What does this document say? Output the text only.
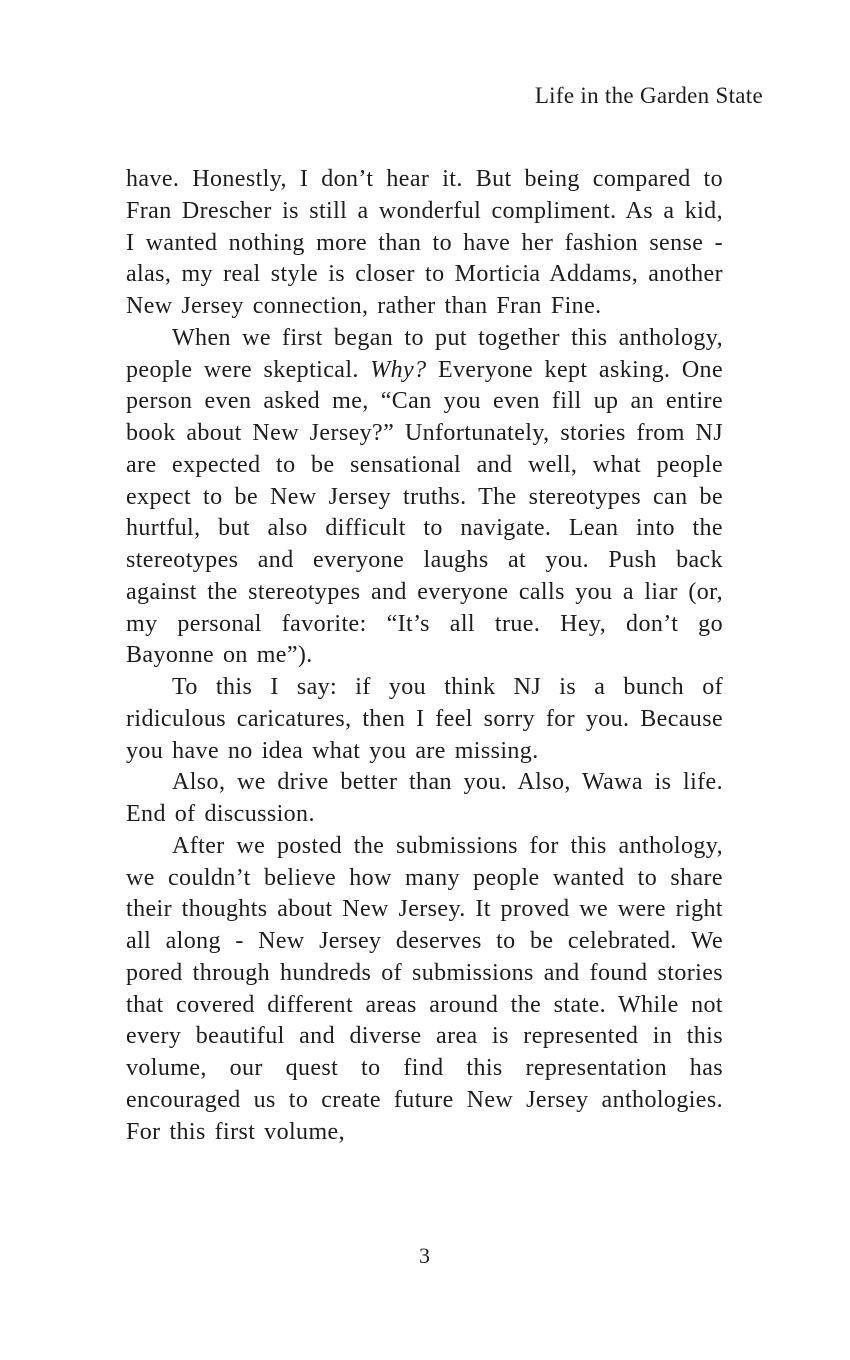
Life in the Garden State

have. Honestly, I don’t hear it. But being compared to Fran Drescher is still a wonderful compliment. As a kid, I wanted nothing more than to have her fashion sense - alas, my real style is closer to Morticia Addams, another New Jersey connection, rather than Fran Fine.

When we first began to put together this anthology, people were skeptical. Why? Everyone kept asking. One person even asked me, “Can you even fill up an entire book about New Jersey?” Unfortunately, stories from NJ are expected to be sensational and well, what people expect to be New Jersey truths. The stereotypes can be hurtful, but also difficult to navigate. Lean into the stereotypes and everyone laughs at you. Push back against the stereotypes and everyone calls you a liar (or, my personal favorite: “It’s all true. Hey, don’t go Bayonne on me”).

To this I say: if you think NJ is a bunch of ridiculous caricatures, then I feel sorry for you. Because you have no idea what you are missing.

Also, we drive better than you. Also, Wawa is life. End of discussion.

After we posted the submissions for this anthology, we couldn’t believe how many people wanted to share their thoughts about New Jersey. It proved we were right all along - New Jersey deserves to be celebrated. We pored through hundreds of submissions and found stories that covered different areas around the state. While not every beautiful and diverse area is represented in this volume, our quest to find this representation has encouraged us to create future New Jersey anthologies. For this first volume,

3
